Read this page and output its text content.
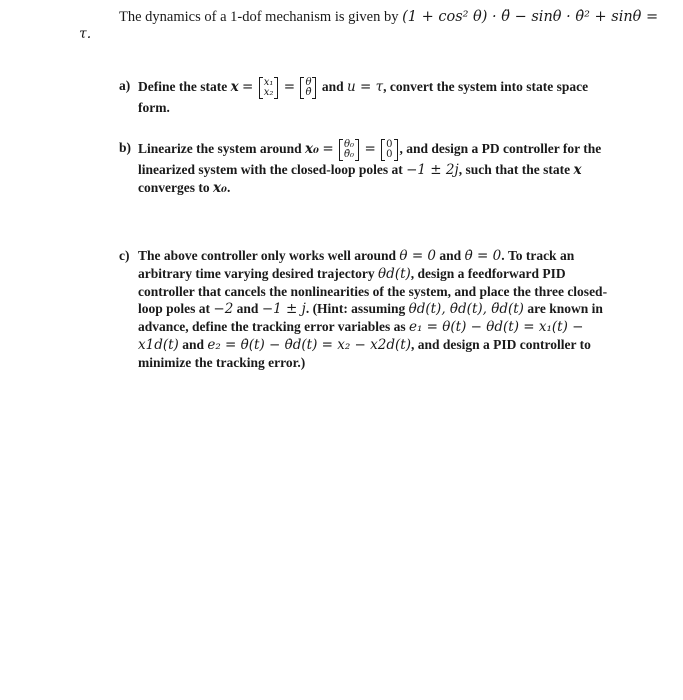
τ.
The dynamics of a 1-dof mechanism is given by (1 + cos² θ) · θ̈ − sinθ · θ̇² + sinθ =
a) Define the state x = x₁
x₂ = θ
θ̇ and u = τ, convert the system into state space form.
b) Linearize the system around x₀ = θ₀
θ̇₀ = 0
0 , and design a PD controller for the linearized system with the closed-loop poles at −1 ± 2j, such that the state x converges to x₀.
c) The above controller only works well around θ = 0 and θ̇ = 0. To track an arbitrary time varying desired trajectory θd(t), design a feedforward PID controller that cancels the nonlinearities of the system, and place the three closed-loop poles at −2 and −1 ± j. (Hint: assuming θd(t), θ̇d(t), θ̈d(t) are known in advance, define the tracking error variables as e₁ = θ(t) − θd(t) = x₁(t) − x1d(t) and e₂ = θ̇(t) − θ̇d(t) = x₂ − x2d(t), and design a PID controller to minimize the tracking error.)
